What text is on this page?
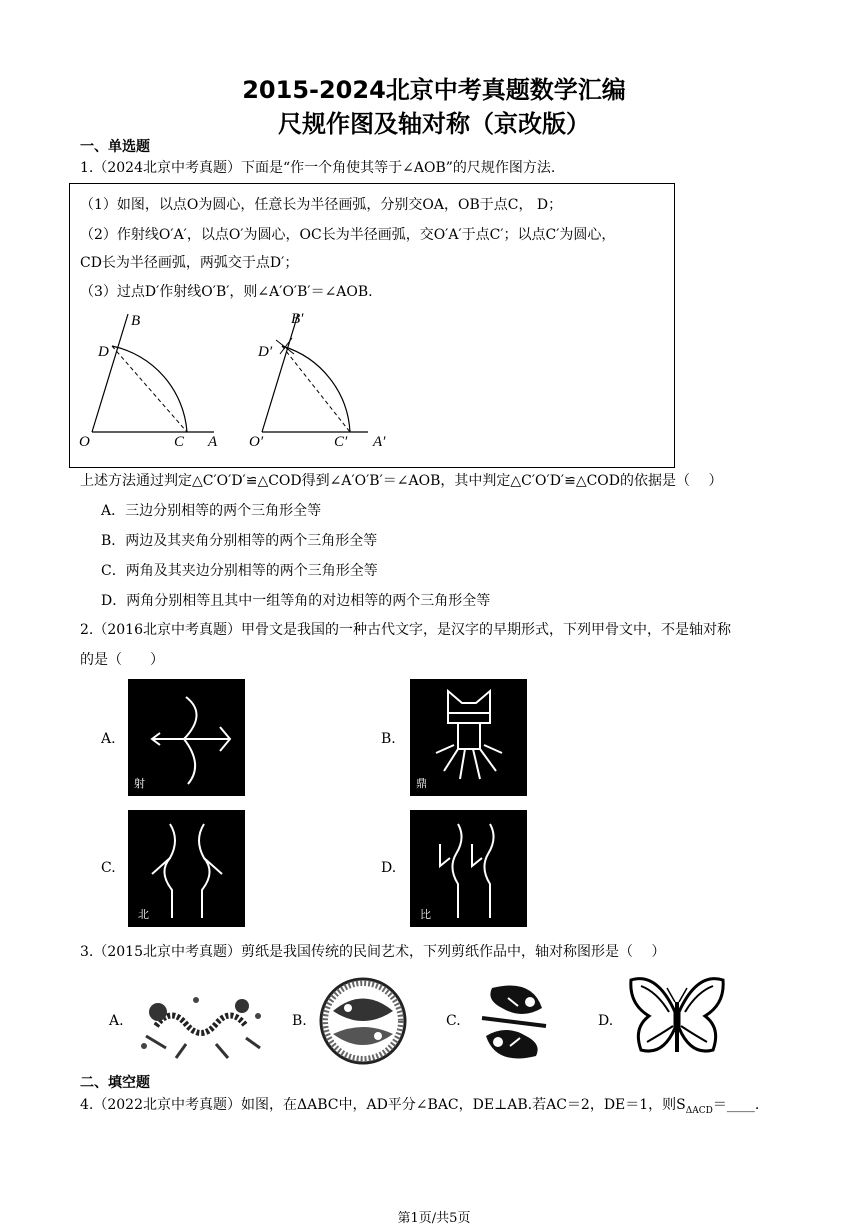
2015-2024北京中考真题数学汇编
尺规作图及轴对称（京改版）
一、单选题
1.（2024北京中考真题）下面是“作一个角使其等于∠AOB”的尺规作图方法.
（1）如图，以点O为圆心，任意长为半径画弧，分别交OA，OB于点C， D；
（2）作射线O′A′，以点O′为圆心，OC长为半径画弧，交O′A′于点C′；以点C′为圆心，
CD长为半径画弧，两弧交于点D′；
（3）过点D′作射线O′B′，则∠A′O′B′＝∠AOB.
O	C A
B
D
O′	C′ A′
B′
D′
上述方法通过判定△C′O′D′≌△COD得到∠A′O′B′＝∠AOB，其中判定△C′O′D′≌△COD的依据是（　 ）
A．三边分别相等的两个三角形全等
B．两边及其夹角分别相等的两个三角形全等
C．两角及其夹边分别相等的两个三角形全等
D．两角分别相等且其中一组等角的对边相等的两个三角形全等
2.（2016北京中考真题）甲骨文是我国的一种古代文字，是汉字的早期形式，下列甲骨文中，不是轴对称
的是（　　）
A.
射
B.
鼎
C.
北
D.
比
3.（2015北京中考真题）剪纸是我国传统的民间艺术，下列剪纸作品中，轴对称图形是（　 ）
A.	B.	C.	D.
二、填空题
4.（2022北京中考真题）如图，在ΔABC中，AD平分∠BAC，DE⊥AB.若AC＝2，DE＝1，则$S_{\Delta ACD}=\_\_\_\_$.
第1页/共5页
